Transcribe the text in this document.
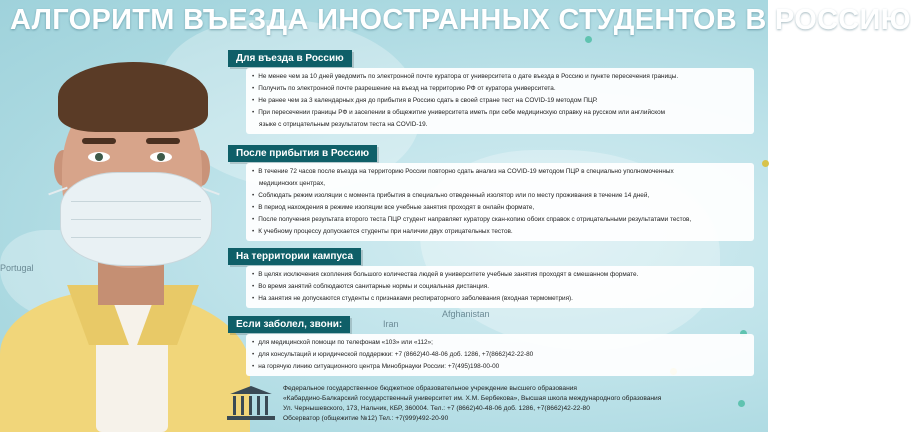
Portugal
Iran
Afghanistan
АЛГОРИТМ ВЪЕЗДА ИНОСТРАННЫХ СТУДЕНТОВ В РОССИЮ
Для въезда в Россию
• Не менее чем за 10 дней уведомить по электронной почте куратора от университета о дате въезда в Россию и пункте пересечения границы.
• Получить по электронной почте разрешение на въезд на территорию РФ от куратора университета.
• Не ранее чем за 3 календарных дня до прибытия в Россию сдать в своей стране тест на COVID-19 методом ПЦР.
• При пересечении границы РФ и заселении в общежитие университета иметь при себе медицинскую справку на русском или английском
языке с отрицательным результатом теста на COVID-19.
После прибытия в Россию
• В течение 72 часов после въезда на территорию России повторно сдать анализ на COVID-19 методом ПЦР в специально уполномоченных
медицинских центрах,
• Соблюдать режим изоляции с момента прибытия в специально отведенный изолятор или по месту проживания в течение 14 дней,
• В период нахождения в режиме изоляции все учебные занятия проходят в онлайн формате,
• После получения результата второго теста ПЦР студент направляет куратору скан-копию обоих справок с отрицательными результатами тестов,
• К учебному процессу допускается студенты при наличии двух отрицательных тестов.
На территории кампуса
• В целях исключения скопления большого количества людей в университете учебные занятия проходят в смешанном формате.
• Во время занятий соблюдаются санитарные нормы и социальная дистанция.
• На занятия не допускаются студенты с признаками респираторного заболевания (входная термометрия).
Если заболел, звони:
• для медицинской помощи по телефонам «103» или «112»;
• для консультаций и юридической поддержки: +7 (8662)40-48-06 доб. 1286, +7(8662)42-22-80
• на горячую линию ситуационного центра Минобрнауки России: +7(495)198-00-00
Федеральное государственное бюджетное образовательное учреждение высшего образования
«Кабардино-Балкарский государственный университет им. Х.М. Бербекова», Высшая школа международного образования
Ул. Чернышевского, 173, Нальчик, КБР, 360004. Тел.: +7 (8662)40-48-06 доб. 1286, +7(8662)42-22-80
Обсерватор (общежитие №12) Тел.: +7(999)492-20-90
